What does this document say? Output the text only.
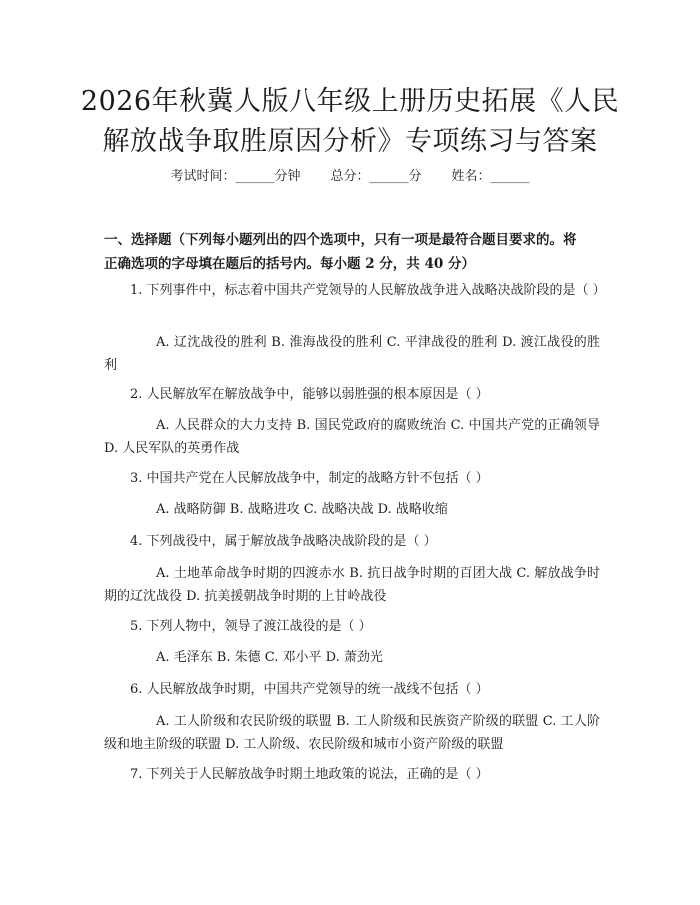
2026年秋冀人版八年级上册历史拓展《人民
解放战争取胜原因分析》专项练习与答案
考试时间：______分钟 总分：______分 姓名：______
一、选择题（下列每小题列出的四个选项中，只有一项是最符合题目要求的。将
正确选项的字母填在题后的括号内。每小题 2 分，共 40 分）
1. 下列事件中，标志着中国共产党领导的人民解放战争进入战略决战阶段的是（ ）
A. 辽沈战役的胜利 B. 淮海战役的胜利 C. 平津战役的胜利 D. 渡江战役的胜利
2. 人民解放军在解放战争中，能够以弱胜强的根本原因是（ ）
A. 人民群众的大力支持 B. 国民党政府的腐败统治 C. 中国共产党的正确领导 D. 人民军队的英勇作战
3. 中国共产党在人民解放战争中，制定的战略方针不包括（ ）
A. 战略防御 B. 战略进攻 C. 战略决战 D. 战略收缩
4. 下列战役中，属于解放战争战略决战阶段的是（ ）
A. 土地革命战争时期的四渡赤水 B. 抗日战争时期的百团大战 C. 解放战争时期的辽沈战役 D. 抗美援朝战争时期的上甘岭战役
5. 下列人物中，领导了渡江战役的是（ ）
A. 毛泽东 B. 朱德 C. 邓小平 D. 萧劲光
6. 人民解放战争时期，中国共产党领导的统一战线不包括（ ）
A. 工人阶级和农民阶级的联盟 B. 工人阶级和民族资产阶级的联盟 C. 工人阶级和地主阶级的联盟 D. 工人阶级、农民阶级和城市小资产阶级的联盟
7. 下列关于人民解放战争时期土地政策的说法，正确的是（ ）
